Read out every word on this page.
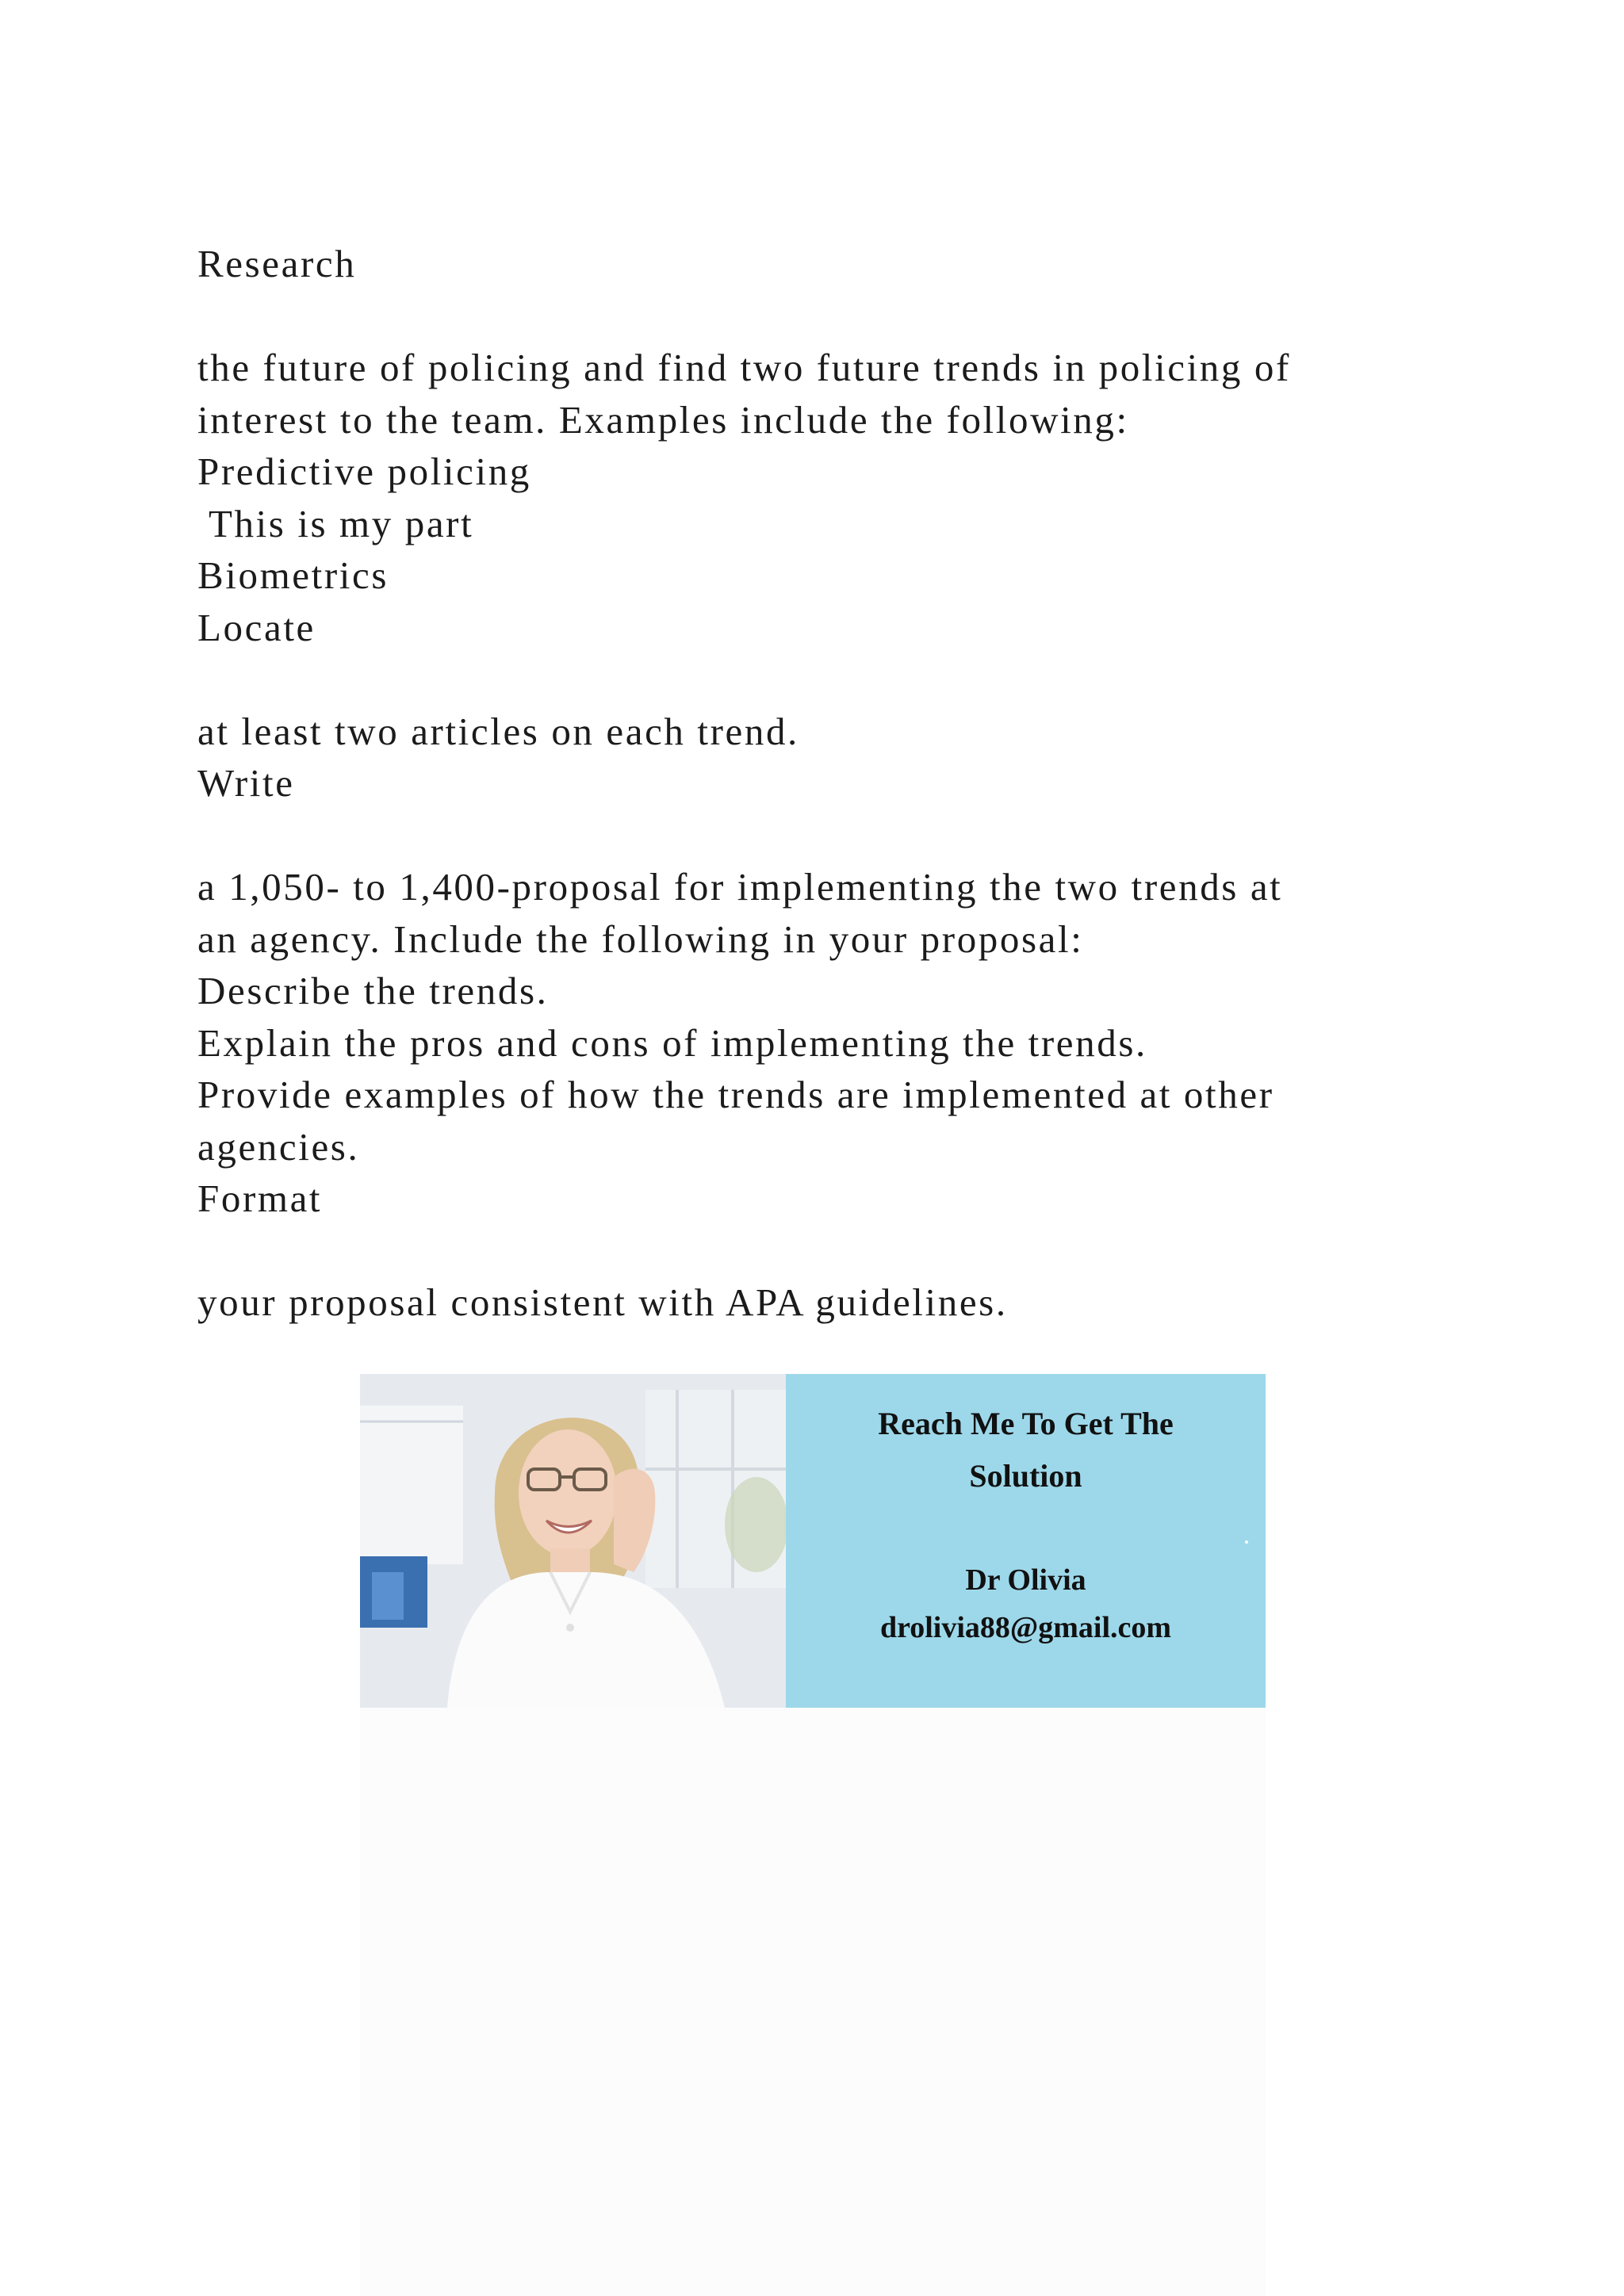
Research
the future of policing and find two future trends in policing of
interest to the team. Examples include the following:
Predictive policing
This is my part
Biometrics
Locate
at least two articles on each trend.
Write
a 1,050- to 1,400-proposal for implementing the two trends at
an agency. Include the following in your proposal:
Describe the trends.
Explain the pros and cons of implementing the trends.
Provide examples of how the trends are implemented at other
agencies.
Format
your proposal consistent with APA guidelines.
Reach Me To Get The
Solution
Dr Olivia
drolivia88@gmail.com
